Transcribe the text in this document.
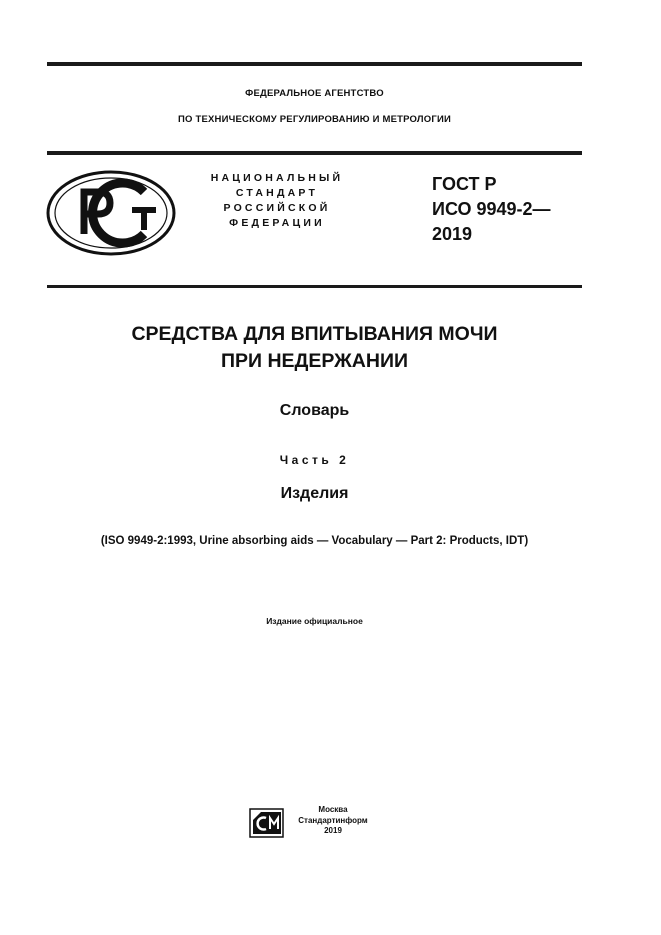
ФЕДЕРАЛЬНОЕ АГЕНТСТВО
ПО ТЕХНИЧЕСКОМУ РЕГУЛИРОВАНИЮ И МЕТРОЛОГИИ
НАЦИОНАЛЬНЫЙ
СТАНДАРТ
РОССИЙСКОЙ
ФЕДЕРАЦИИ
ГОСТ Р
ИСО 9949-2—
2019
СРЕДСТВА ДЛЯ ВПИТЫВАНИЯ МОЧИ
ПРИ НЕДЕРЖАНИИ
Словарь
Часть 2
Изделия
(ISO 9949-2:1993, Urine absorbing aids — Vocabulary — Part 2: Products, IDT)
Издание официальное
Москва
Стандартинформ
2019
